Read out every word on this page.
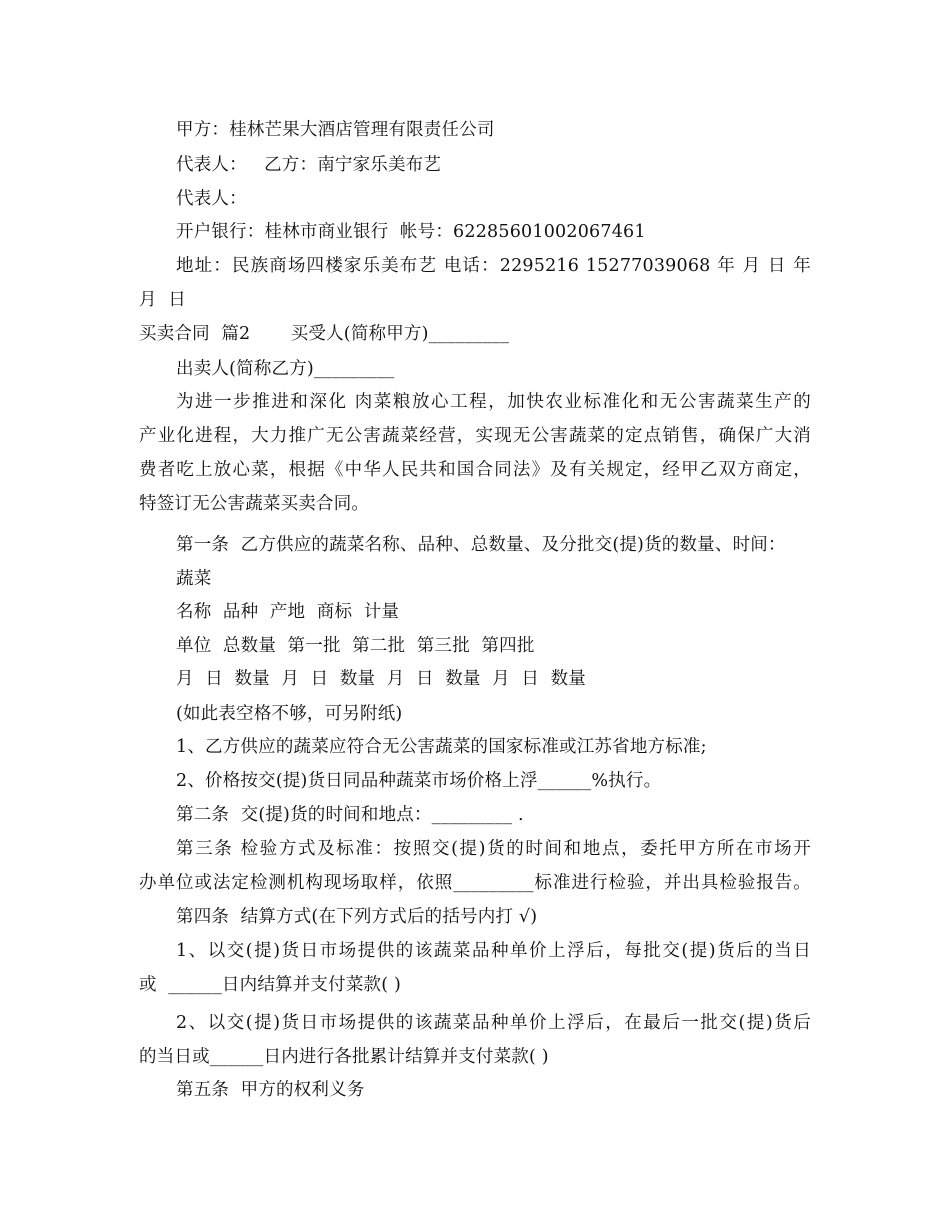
甲方：桂林芒果大酒店管理有限责任公司
代表人：   乙方：南宁家乐美布艺
代表人：
开户银行：桂林市商业银行  帐号：62285601002067461
地址：民族商场四楼家乐美布艺 电话：2295216 15277039068 年 月 日 年
月  日
买卖合同  篇2       买受人(简称甲方)_________
出卖人(简称乙方)_________
为进一步推进和深化 肉菜粮放心工程，加快农业标准化和无公害蔬菜生产的
产业化进程，大力推广无公害蔬菜经营，实现无公害蔬菜的定点销售，确保广大消
费者吃上放心菜，根据《中华人民共和国合同法》及有关规定，经甲乙双方商定，
特签订无公害蔬菜买卖合同。
第一条  乙方供应的蔬菜名称、品种、总数量、及分批交(提)货的数量、时间：
蔬菜
名称  品种  产地  商标  计量
单位  总数量  第一批  第二批  第三批  第四批
月  日  数量  月  日  数量  月  日  数量  月  日  数量
(如此表空格不够，可另附纸)
1、乙方供应的蔬菜应符合无公害蔬菜的国家标准或江苏省地方标准;
2、价格按交(提)货日同品种蔬菜市场价格上浮______%执行。
第二条  交(提)货的时间和地点：_________ .
第三条 检验方式及标准：按照交(提)货的时间和地点，委托甲方所在市场开
办单位或法定检测机构现场取样，依照_________标准进行检验，并出具检验报告。
第四条  结算方式(在下列方式后的括号内打 √)
1、以交(提)货日市场提供的该蔬菜品种单价上浮后，每批交(提)货后的当日
或  ______日内结算并支付菜款( )
2、以交(提)货日市场提供的该蔬菜品种单价上浮后，在最后一批交(提)货后
的当日或______日内进行各批累计结算并支付菜款( )
第五条  甲方的权利义务
